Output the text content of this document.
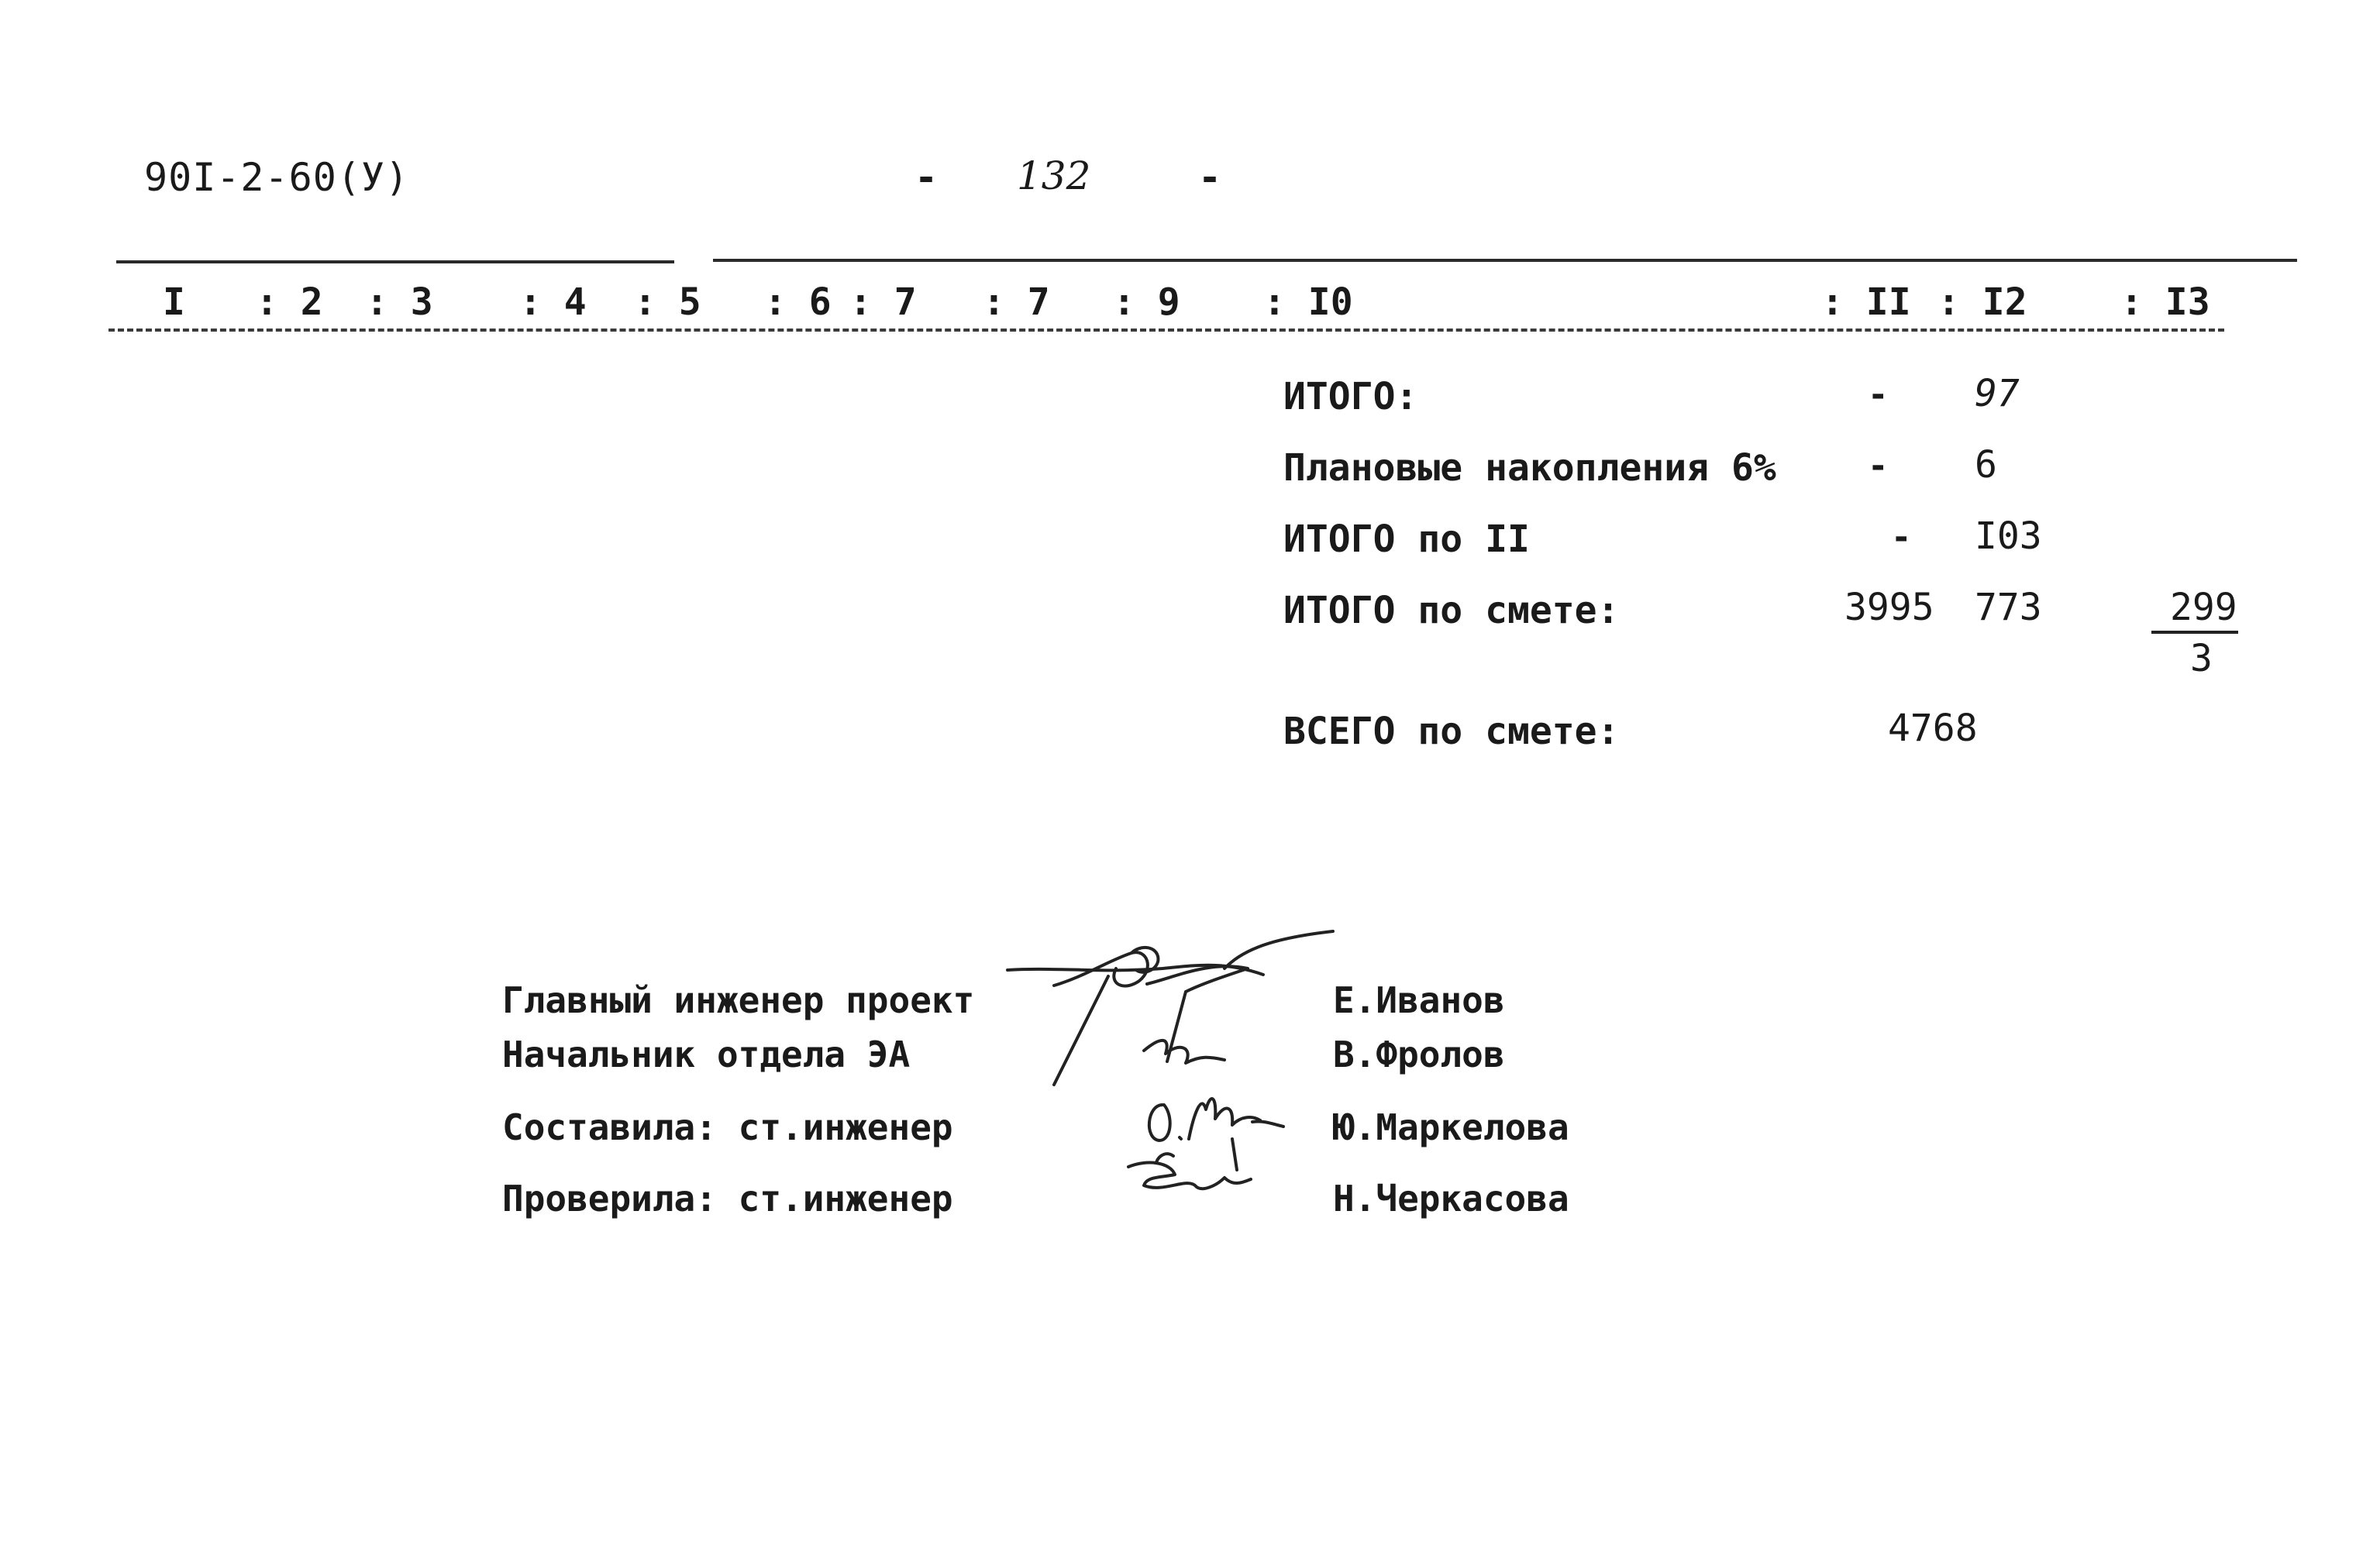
90I-2-60(У)	- 132	-
I : 2 : 3 : 4 : 5 : 6 : 7 : 7 : 9 : I0	: II : I2	: I3
ИТОГО:	- 97
Плановые накопления 6%	- 6
ИТОГО по II	- I03
ИТОГО по смете:	3995 773	299
3
ВСЕГО по смете:	4768
Главный инженер проект	Е.Иванов
Начальник отдела ЭА	В.Фролов
Составила: ст.инженер	Ю.Маркелова
Проверила: ст.инженер	Н.Черкасова
